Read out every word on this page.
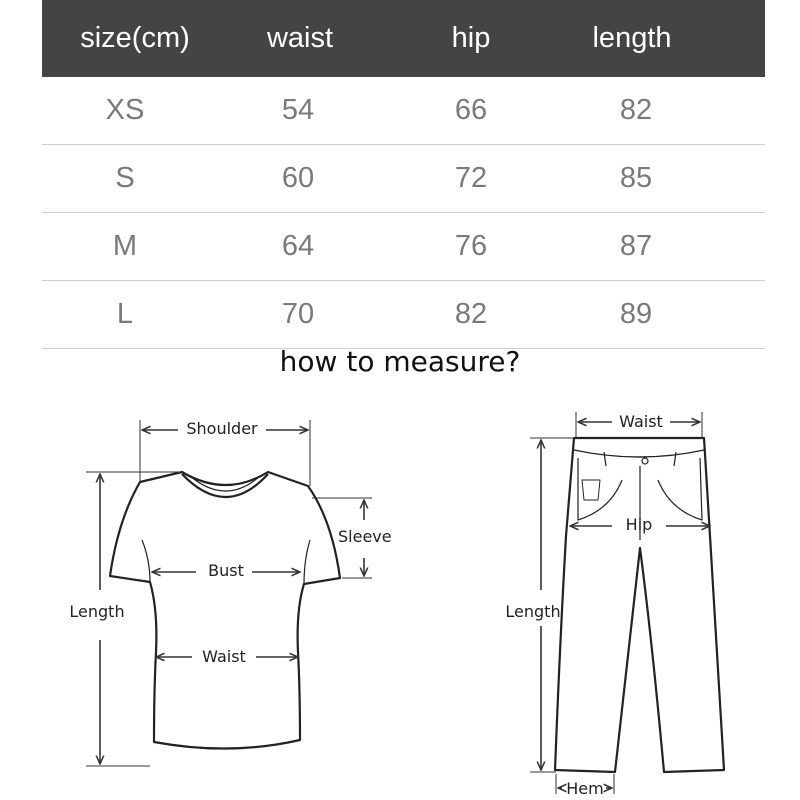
size(cm)	waist	hip	length
XS	54	66	82
S	60	72	85
M	64	76	87
L	70	82	89
how to measure?
Shoulder
Sleeve
Bust
Length
Waist
Waist
Hip
Length
Hem
